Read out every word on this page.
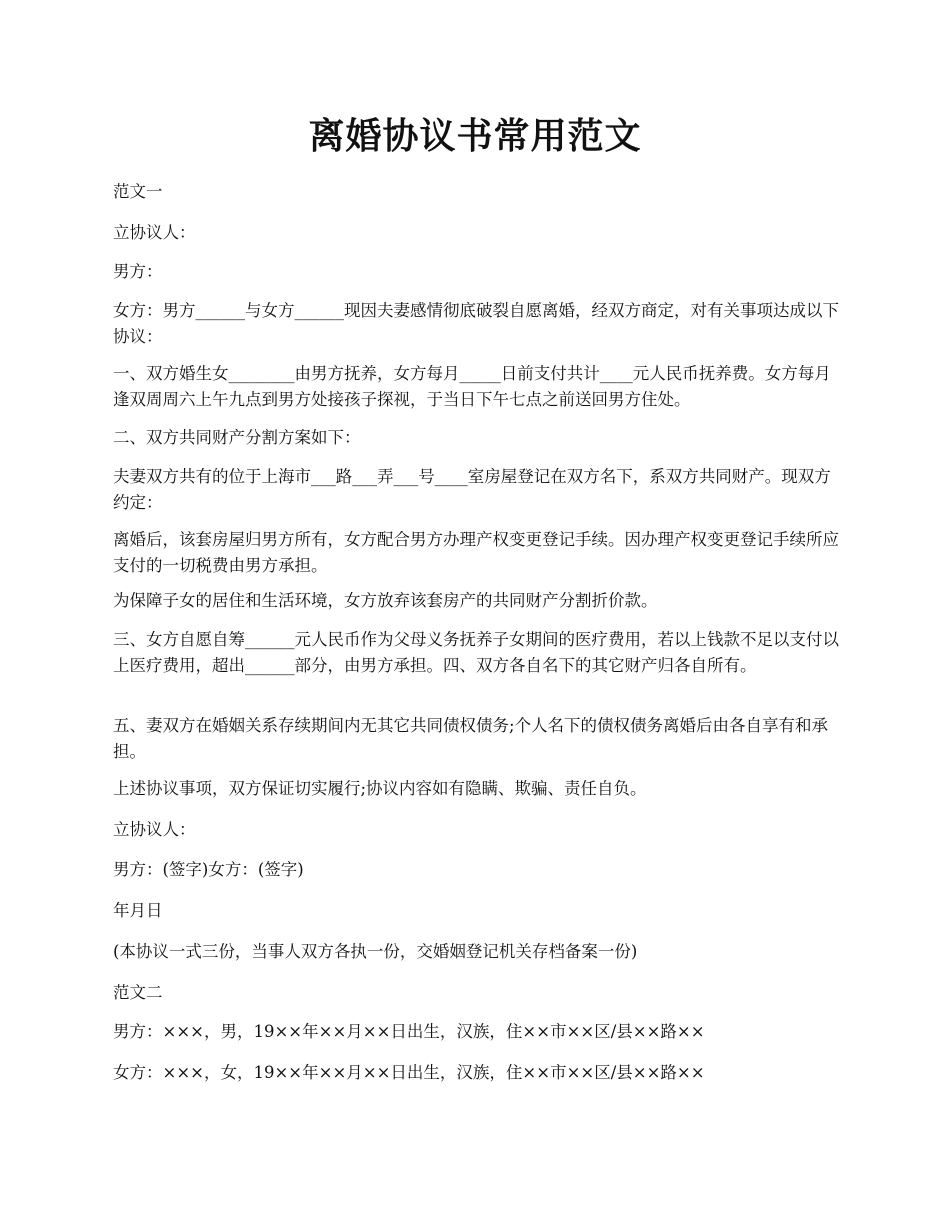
离婚协议书常用范文

范文一

立协议人：

男方：

女方：男方______与女方______现因夫妻感情彻底破裂自愿离婚，经双方商定，对有关事项达成以下协议：

一、双方婚生女________由男方抚养，女方每月_____日前支付共计____元人民币抚养费。女方每月逢双周周六上午九点到男方处接孩子探视，于当日下午七点之前送回男方住处。

二、双方共同财产分割方案如下：

夫妻双方共有的位于上海市___路___弄___号____室房屋登记在双方名下，系双方共同财产。现双方约定：

离婚后，该套房屋归男方所有，女方配合男方办理产权变更登记手续。因办理产权变更登记手续所应支付的一切税费由男方承担。

为保障子女的居住和生活环境，女方放弃该套房产的共同财产分割折价款。

三、女方自愿自筹______元人民币作为父母义务抚养子女期间的医疗费用，若以上钱款不足以支付以上医疗费用，超出______部分，由男方承担。四、双方各自名下的其它财产归各自所有。

五、妻双方在婚姻关系存续期间内无其它共同债权债务;个人名下的债权债务离婚后由各自享有和承担。

上述协议事项，双方保证切实履行;协议内容如有隐瞒、欺骗、责任自负。

立协议人：

男方：(签字)女方：(签字)

年月日

(本协议一式三份，当事人双方各执一份，交婚姻登记机关存档备案一份)

范文二

男方：×××，男，19××年××月××日出生，汉族，住××市××区/县××路××

女方：×××，女，19××年××月××日出生，汉族，住××市××区/县××路××
